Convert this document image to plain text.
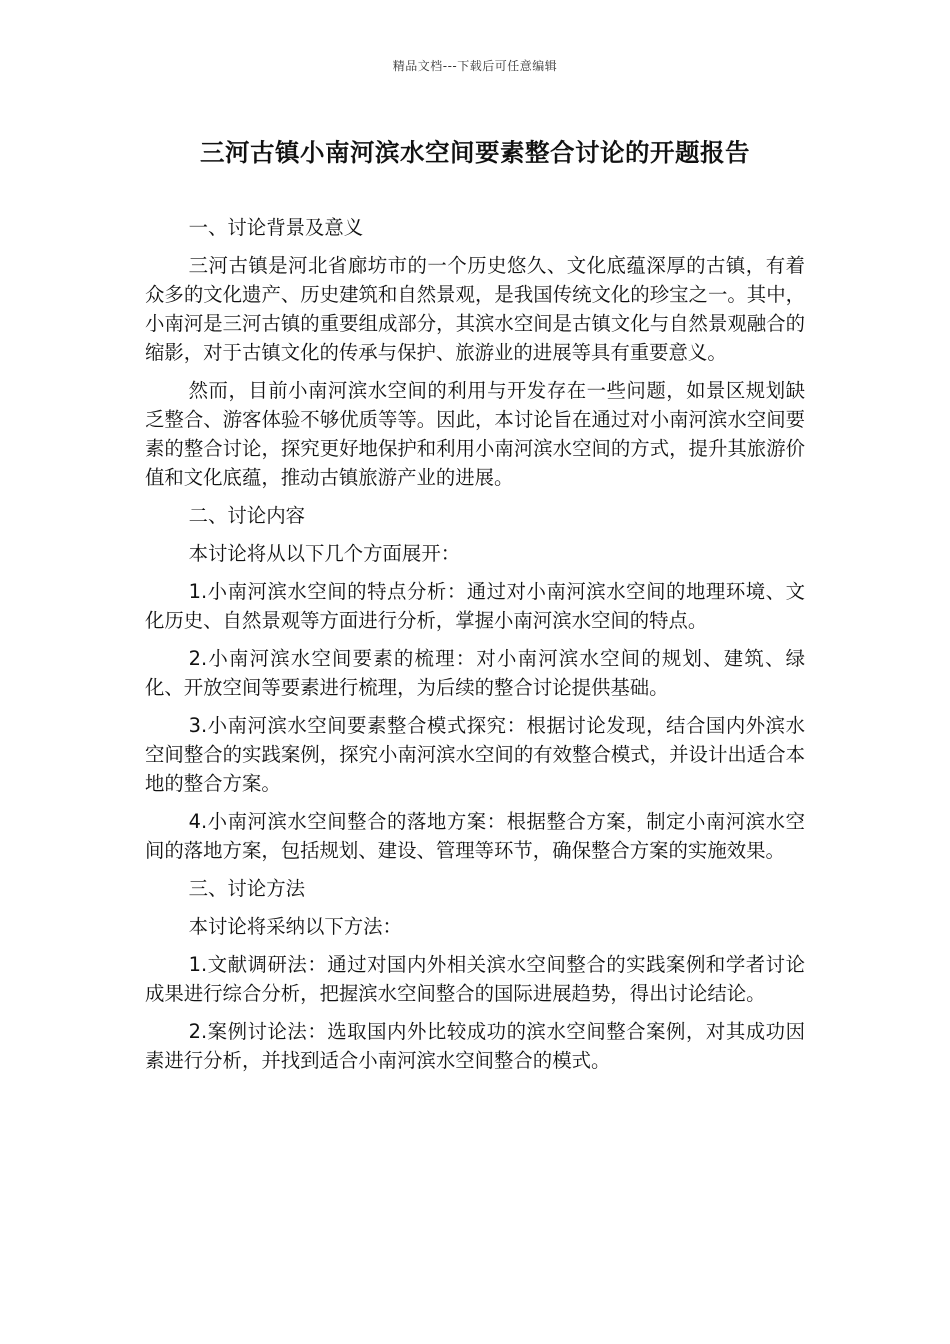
精品文档---下载后可任意编辑
三河古镇小南河滨水空间要素整合讨论的开题报告

一、讨论背景及意义

三河古镇是河北省廊坊市的一个历史悠久、文化底蕴深厚的古镇，有着众多的文化遗产、历史建筑和自然景观，是我国传统文化的珍宝之一。其中，小南河是三河古镇的重要组成部分，其滨水空间是古镇文化与自然景观融合的缩影，对于古镇文化的传承与保护、旅游业的进展等具有重要意义。

然而，目前小南河滨水空间的利用与开发存在一些问题，如景区规划缺乏整合、游客体验不够优质等等。因此，本讨论旨在通过对小南河滨水空间要素的整合讨论，探究更好地保护和利用小南河滨水空间的方式，提升其旅游价值和文化底蕴，推动古镇旅游产业的进展。

二、讨论内容

本讨论将从以下几个方面展开：

1.小南河滨水空间的特点分析：通过对小南河滨水空间的地理环境、文化历史、自然景观等方面进行分析，掌握小南河滨水空间的特点。

2.小南河滨水空间要素的梳理：对小南河滨水空间的规划、建筑、绿化、开放空间等要素进行梳理，为后续的整合讨论提供基础。

3.小南河滨水空间要素整合模式探究：根据讨论发现，结合国内外滨水空间整合的实践案例，探究小南河滨水空间的有效整合模式，并设计出适合本地的整合方案。

4.小南河滨水空间整合的落地方案：根据整合方案，制定小南河滨水空间的落地方案，包括规划、建设、管理等环节，确保整合方案的实施效果。

三、讨论方法

本讨论将采纳以下方法：

1.文献调研法：通过对国内外相关滨水空间整合的实践案例和学者讨论成果进行综合分析，把握滨水空间整合的国际进展趋势，得出讨论结论。

2.案例讨论法：选取国内外比较成功的滨水空间整合案例，对其成功因素进行分析，并找到适合小南河滨水空间整合的模式。
